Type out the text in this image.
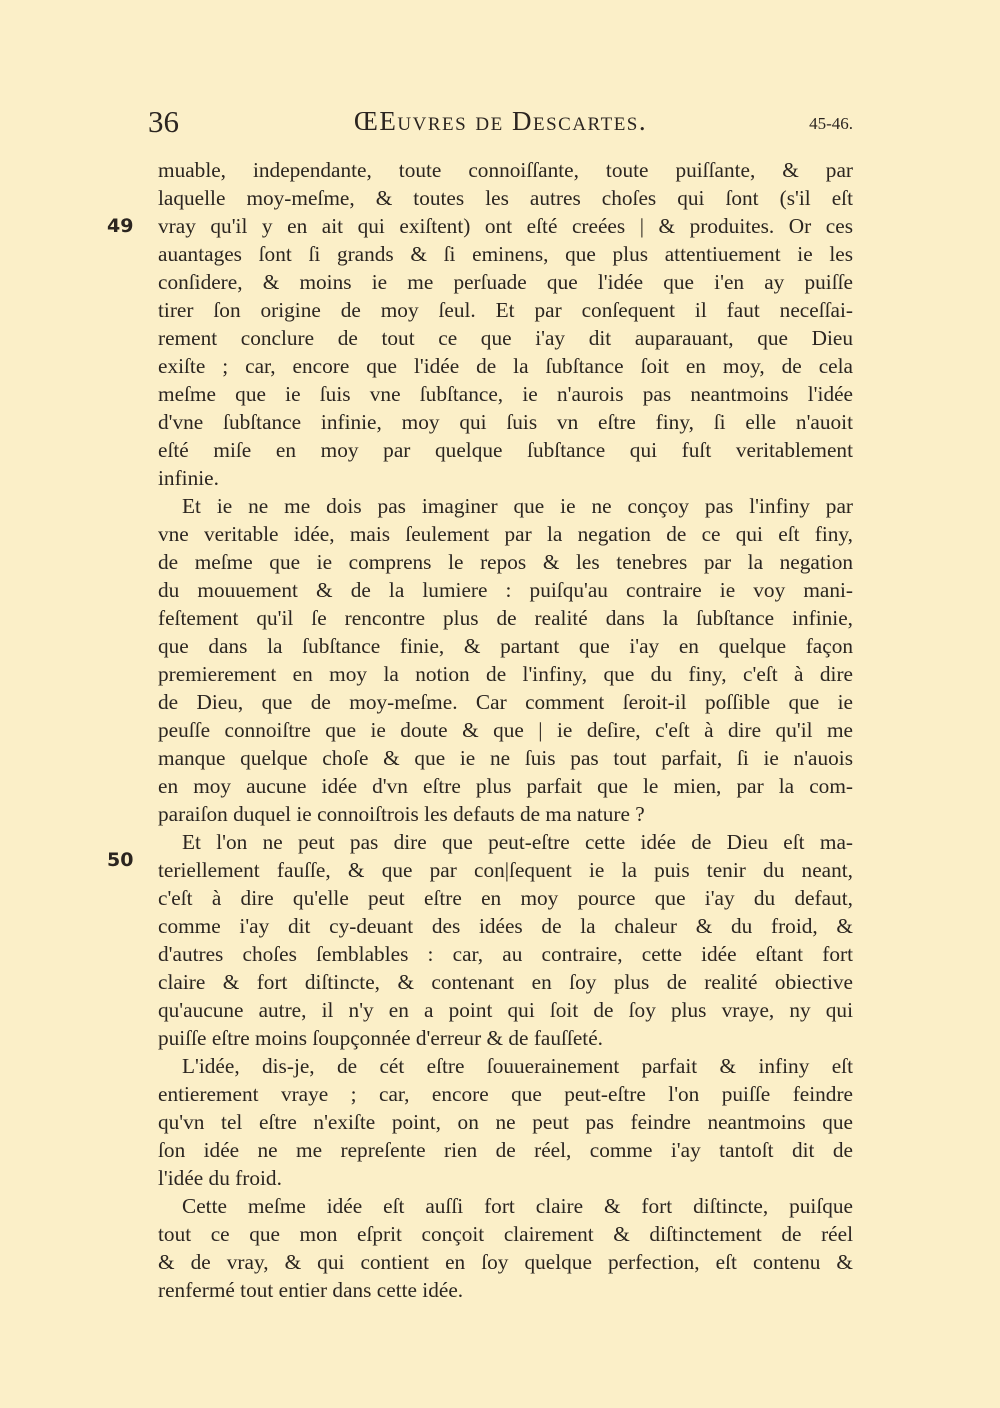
36	ŒEuvres de Descartes.	45-46.
49
50
muable, independante, toute connoiſſante, toute puiſſante, & par
laquelle moy-meſme, & toutes les autres choſes qui ſont (s'il eſt
vray qu'il y en ait qui exiſtent) ont eſté creées | & produites. Or ces
auantages ſont ſi grands & ſi eminens, que plus attentiuement ie les
conſidere, & moins ie me perſuade que l'idée que i'en ay puiſſe
tirer ſon origine de moy ſeul. Et par conſequent il faut neceſſai-
rement conclure de tout ce que i'ay dit auparauant, que Dieu
exiſte ; car, encore que l'idée de la ſubſtance ſoit en moy, de cela
meſme que ie ſuis vne ſubſtance, ie n'aurois pas neantmoins l'idée
d'vne ſubſtance infinie, moy qui ſuis vn eſtre finy, ſi elle n'auoit
eſté miſe en moy par quelque ſubſtance qui fuſt veritablement
infinie.
Et ie ne me dois pas imaginer que ie ne conçoy pas l'infiny par
vne veritable idée, mais ſeulement par la negation de ce qui eſt finy,
de meſme que ie comprens le repos & les tenebres par la negation
du mouuement & de la lumiere : puiſqu'au contraire ie voy mani-
feſtement qu'il ſe rencontre plus de realité dans la ſubſtance infinie,
que dans la ſubſtance finie, & partant que i'ay en quelque façon
premierement en moy la notion de l'infiny, que du finy, c'eſt à dire
de Dieu, que de moy-meſme. Car comment ſeroit-il poſſible que ie
peuſſe connoiſtre que ie doute & que | ie deſire, c'eſt à dire qu'il me
manque quelque choſe & que ie ne ſuis pas tout parfait, ſi ie n'auois
en moy aucune idée d'vn eſtre plus parfait que le mien, par la com-
paraiſon duquel ie connoiſtrois les defauts de ma nature ?
Et l'on ne peut pas dire que peut-eſtre cette idée de Dieu eſt ma-
teriellement fauſſe, & que par con|ſequent ie la puis tenir du neant,
c'eſt à dire qu'elle peut eſtre en moy pource que i'ay du defaut,
comme i'ay dit cy-deuant des idées de la chaleur & du froid, &
d'autres choſes ſemblables : car, au contraire, cette idée eſtant fort
claire & fort diſtincte, & contenant en ſoy plus de realité obiective
qu'aucune autre, il n'y en a point qui ſoit de ſoy plus vraye, ny qui
puiſſe eſtre moins ſoupçonnée d'erreur & de fauſſeté.
L'idée, dis-je, de cét eſtre ſouuerainement parfait & infiny eſt
entierement vraye ; car, encore que peut-eſtre l'on puiſſe feindre
qu'vn tel eſtre n'exiſte point, on ne peut pas feindre neantmoins que
ſon idée ne me repreſente rien de réel, comme i'ay tantoſt dit de
l'idée du froid.
Cette meſme idée eſt auſſi fort claire & fort diſtincte, puiſque
tout ce que mon eſprit conçoit clairement & diſtinctement de réel
& de vray, & qui contient en ſoy quelque perfection, eſt contenu &
renfermé tout entier dans cette idée.
